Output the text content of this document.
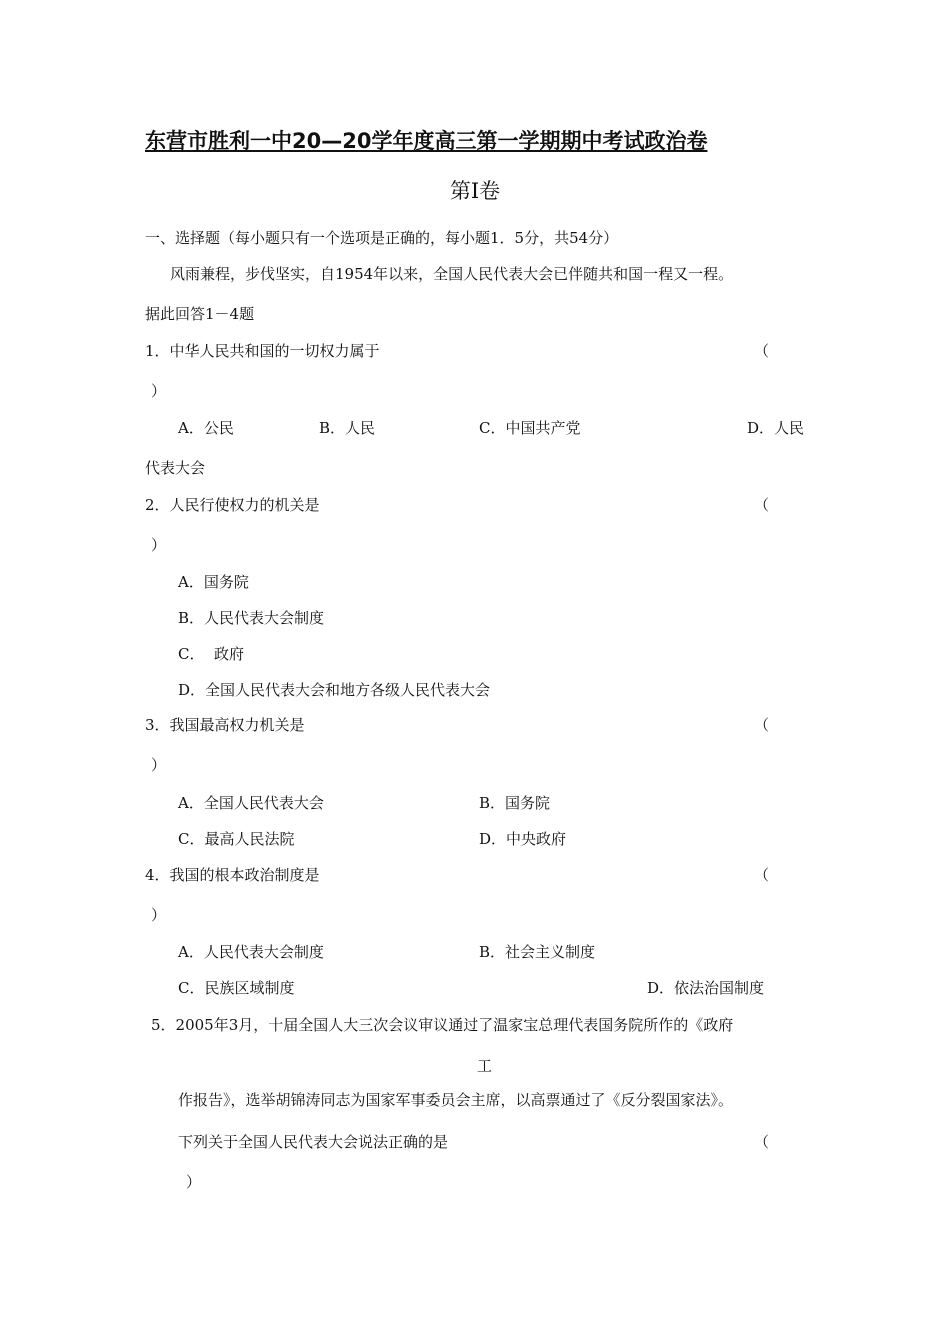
东营市胜利一中20—20学年度高三第一学期期中考试政治卷
第Ⅰ卷
一、选择题（每小题只有一个选项是正确的，每小题1．5分，共54分）
风雨兼程，步伐坚实，自1954年以来，全国人民代表大会已伴随共和国一程又一程。
据此回答1－4题
1．中华人民共和国的一切权力属于	（
）
A．公民	B．人民	C．中国共产党	D．人民
代表大会
2．人民行使权力的机关是	（
）
A．国务院
B．人民代表大会制度
C．  政府
D．全国人民代表大会和地方各级人民代表大会
3．我国最高权力机关是	（
）
A．全国人民代表大会	B．国务院
C．最高人民法院	D．中央政府
4．我国的根本政治制度是	（
）
A．人民代表大会制度	B．社会主义制度
C．民族区域制度	D．依法治国制度
5．2005年3月，十届全国人大三次会议审议通过了温家宝总理代表国务院所作的《政府
工
作报告》，选举胡锦涛同志为国家军事委员会主席，以高票通过了《反分裂国家法》。
下列关于全国人民代表大会说法正确的是	（
）
